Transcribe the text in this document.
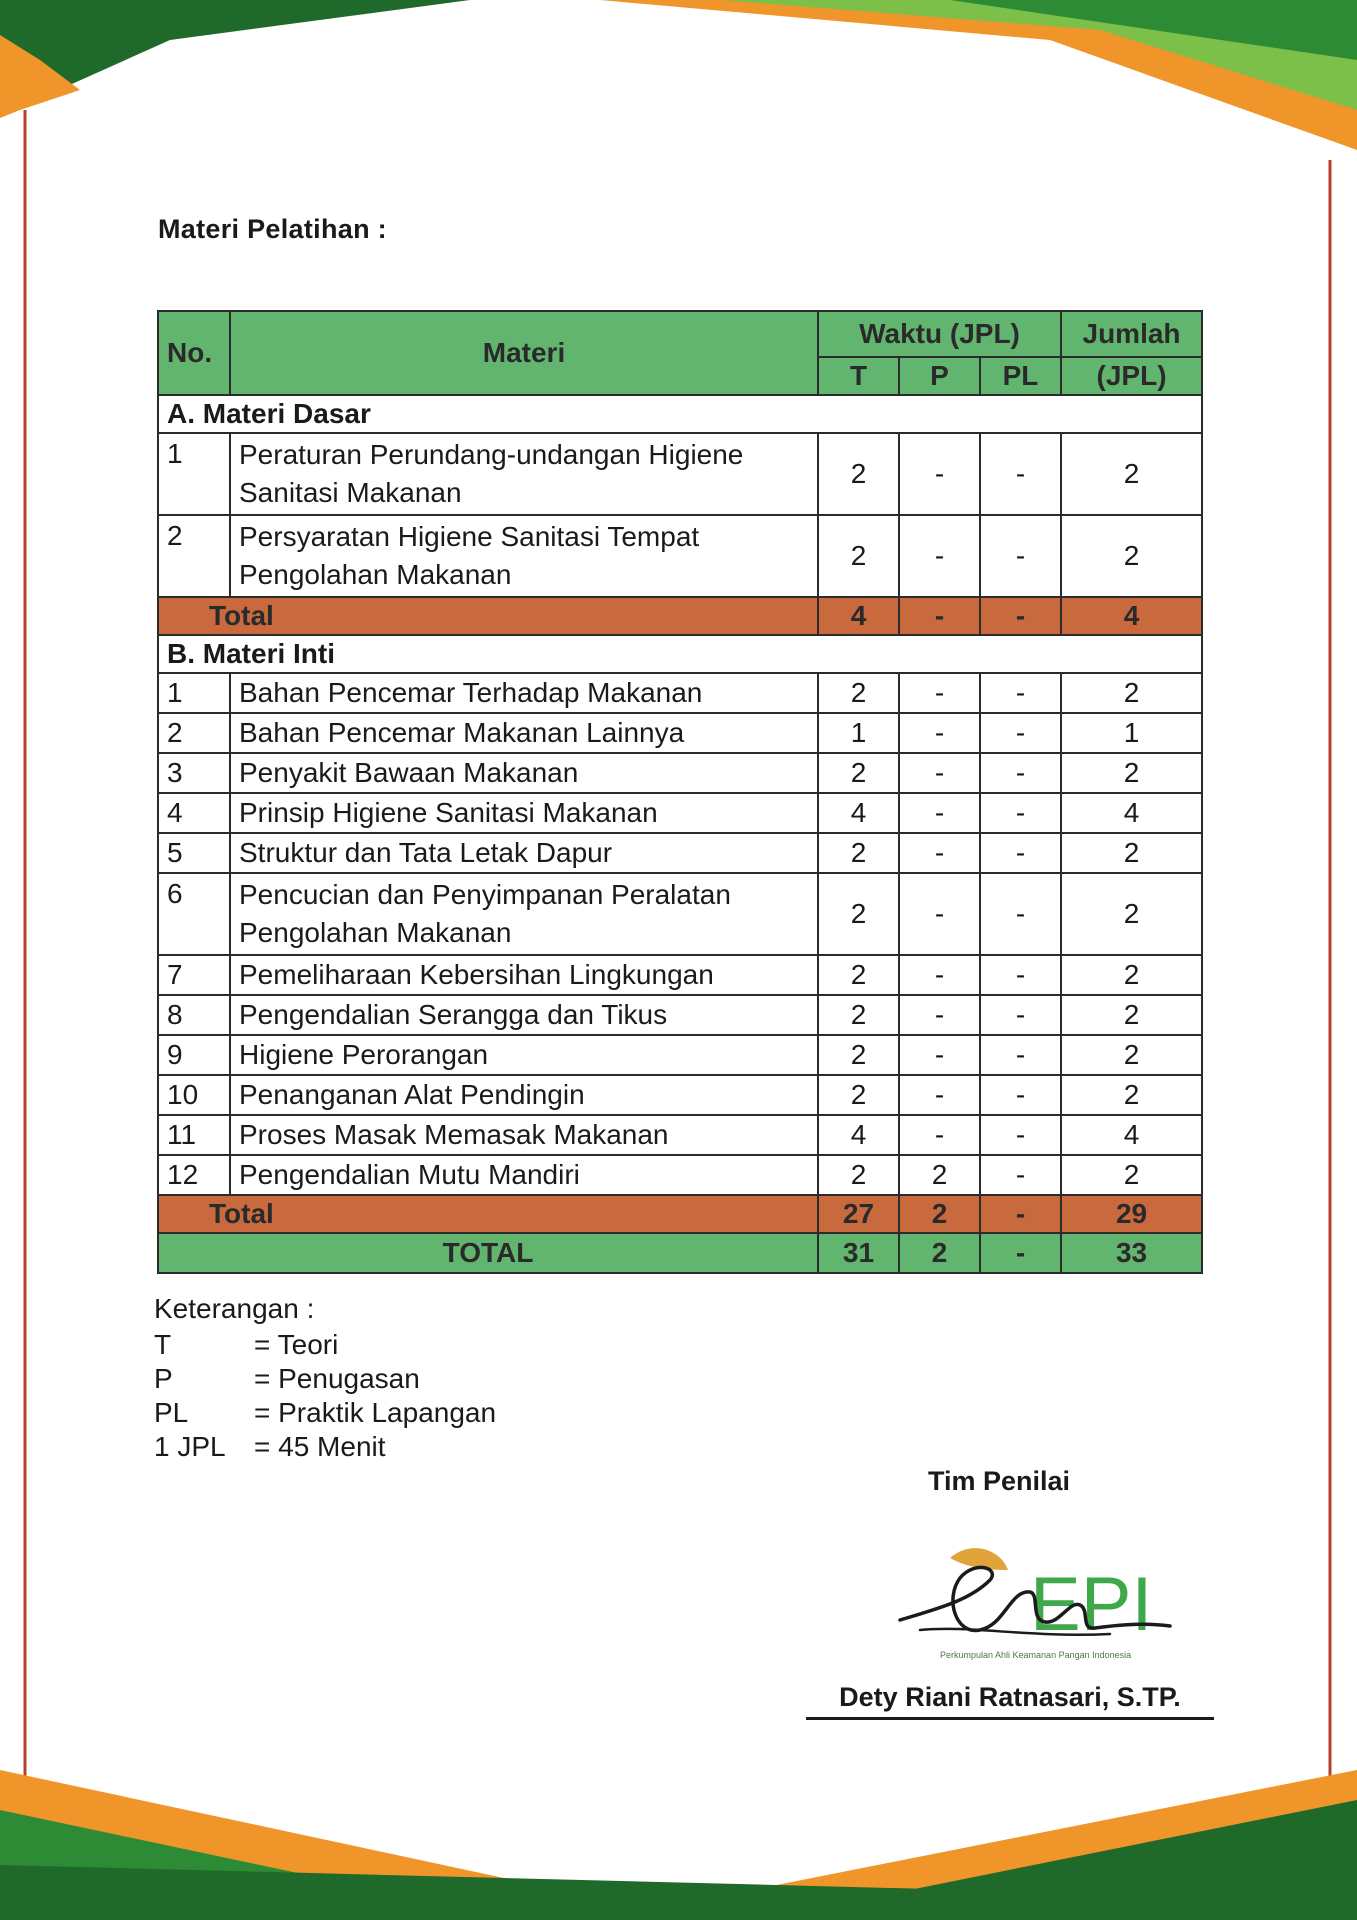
Materi Pelatihan :
No.	Materi	Waktu (JPL)			Jumlah
		T	P	PL	(JPL)
A. Materi Dasar					
1	Peraturan Perundang-undangan Higiene Sanitasi Makanan	2	-	-	2
2	Persyaratan Higiene Sanitasi Tempat Pengolahan Makanan	2	-	-	2
Total		4	-	-	4
B. Materi Inti					
1	Bahan Pencemar Terhadap Makanan	2	-	-	2
2	Bahan Pencemar Makanan Lainnya	1	-	-	1
3	Penyakit Bawaan Makanan	2	-	-	2
4	Prinsip Higiene Sanitasi Makanan	4	-	-	4
5	Struktur dan Tata Letak Dapur	2	-	-	2
6	Pencucian dan Penyimpanan Peralatan Pengolahan Makanan	2	-	-	2
7	Pemeliharaan Kebersihan Lingkungan	2	-	-	2
8	Pengendalian Serangga dan Tikus	2	-	-	2
9	Higiene Perorangan	2	-	-	2
10	Penanganan Alat Pendingin	2	-	-	2
11	Proses Masak Memasak Makanan	4	-	-	4
12	Pengendalian Mutu Mandiri	2	2	-	2
Total		27	2	-	29
TOTAL		31	2	-	33
Keterangan :
T	= Teori
P	= Penugasan
PL	= Praktik Lapangan
1 JPL	= 45 Menit
Tim Penilai
EPI
Perkumpulan Ahli Keamanan Pangan Indonesia
Dety Riani Ratnasari, S.TP.
